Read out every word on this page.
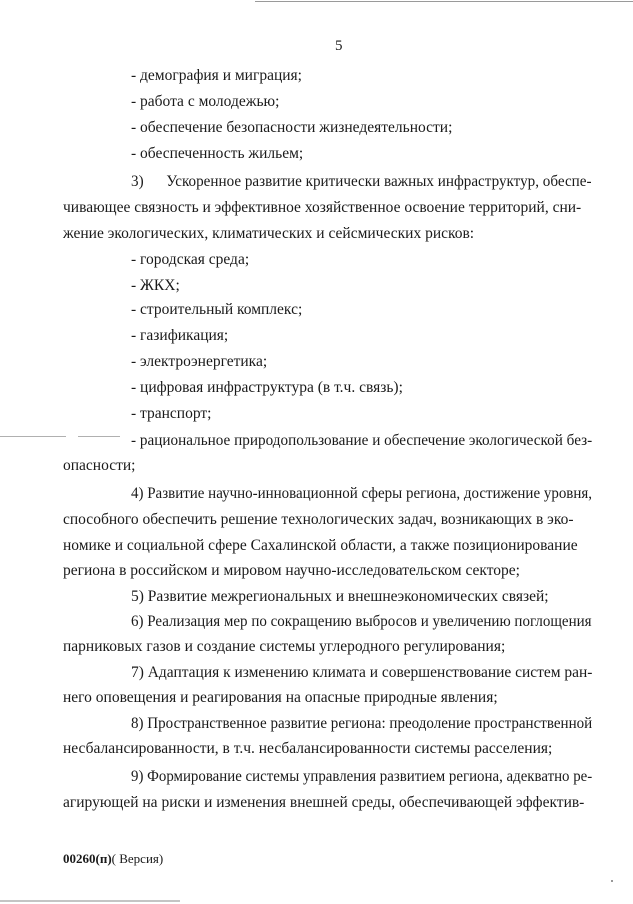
5
- демография и миграция;
- работа с молодежью;
- обеспечение безопасности жизнедеятельности;
- обеспеченность жильем;
3)      Ускоренное развитие критически важных инфраструктур, обеспе-
чивающее связность и эффективное хозяйственное освоение территорий, сни-
жение экологических, климатических и сейсмических рисков:
- городская среда;
- ЖКХ;
- строительный комплекс;
- газификация;
- электроэнергетика;
- цифровая инфраструктура (в т.ч. связь);
- транспорт;
- рациональное природопользование и обеспечение экологической без-
опасности;
4) Развитие научно-инновационной сферы региона, достижение уровня,
способного обеспечить решение технологических задач, возникающих в эко-
номике и социальной сфере Сахалинской области, а также позиционирование
региона в российском и мировом научно-исследовательском секторе;
5) Развитие межрегиональных и внешнеэкономических связей;
6) Реализация мер по сокращению выбросов и увеличению поглощения
парниковых газов и создание системы углеродного регулирования;
7) Адаптация к изменению климата и совершенствование систем ран-
него оповещения и реагирования на опасные природные явления;
8) Пространственное развитие региона: преодоление пространственной
несбалансированности, в т.ч. несбалансированности системы расселения;
9) Формирование системы управления развитием региона, адекватно ре-
агирующей на риски и изменения внешней среды, обеспечивающей эффектив-
00260(п)( Версия)
